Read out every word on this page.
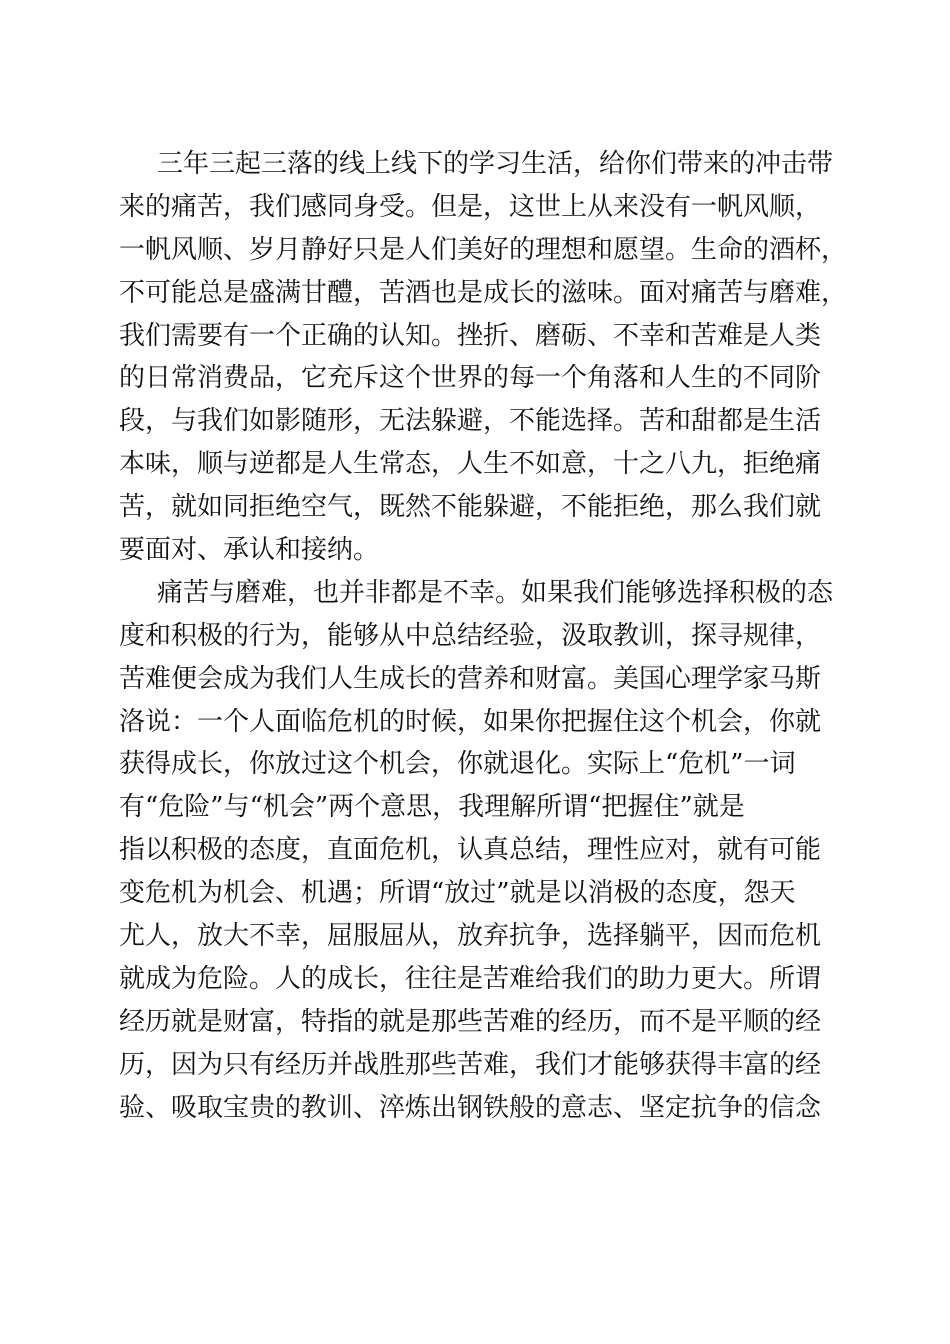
三年三起三落的线上线下的学习生活，给你们带来的冲击带
来的痛苦，我们感同身受。但是，这世上从来没有一帆风顺，
一帆风顺、岁月静好只是人们美好的理想和愿望。生命的酒杯，
不可能总是盛满甘醴，苦酒也是成长的滋味。面对痛苦与磨难，
我们需要有一个正确的认知。挫折、磨砺、不幸和苦难是人类
的日常消费品，它充斥这个世界的每一个角落和人生的不同阶
段，与我们如影随形，无法躲避，不能选择。苦和甜都是生活
本味，顺与逆都是人生常态，人生不如意，十之八九，拒绝痛
苦，就如同拒绝空气，既然不能躲避，不能拒绝，那么我们就
要面对、承认和接纳。
痛苦与磨难，也并非都是不幸。如果我们能够选择积极的态
度和积极的行为，能够从中总结经验，汲取教训，探寻规律，
苦难便会成为我们人生成长的营养和财富。美国心理学家马斯
洛说：一个人面临危机的时候，如果你把握住这个机会，你就
获得成长，你放过这个机会，你就退化。实际上“危机”一词
有“危险”与“机会”两个意思，我理解所谓“把握住”就是
指以积极的态度，直面危机，认真总结，理性应对，就有可能
变危机为机会、机遇；所谓“放过”就是以消极的态度，怨天
尤人，放大不幸，屈服屈从，放弃抗争，选择躺平，因而危机
就成为危险。人的成长，往往是苦难给我们的助力更大。所谓
经历就是财富，特指的就是那些苦难的经历，而不是平顺的经
历，因为只有经历并战胜那些苦难，我们才能够获得丰富的经
验、吸取宝贵的教训、淬炼出钢铁般的意志、坚定抗争的信念
